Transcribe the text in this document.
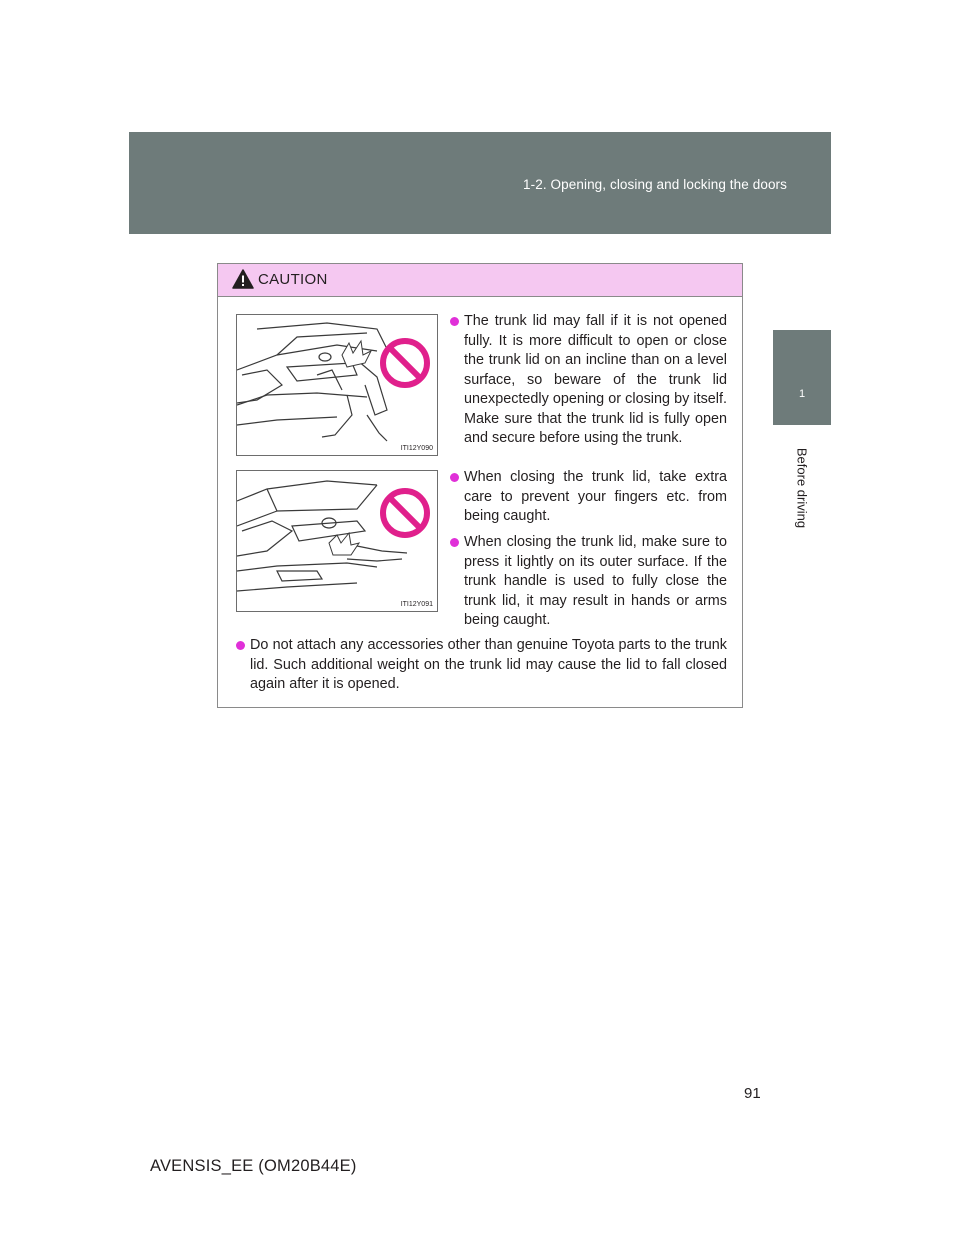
1-2. Opening, closing and locking the doors
1
Before driving
CAUTION
ITI12Y090
ITI12Y091
The trunk lid may fall if it is not opened fully. It is more difficult to open or close the trunk lid on an incline than on a level surface, so beware of the trunk lid unexpectedly opening or closing by itself. Make sure that the trunk lid is fully open and secure before using the trunk.
When closing the trunk lid, take extra care to prevent your fingers etc. from being caught.
When closing the trunk lid, make sure to press it lightly on its outer surface. If the trunk handle is used to fully close the trunk lid, it may result in hands or arms being caught.
Do not attach any accessories other than genuine Toyota parts to the trunk lid. Such additional weight on the trunk lid may cause the lid to fall closed again after it is opened.
91
AVENSIS_EE (OM20B44E)
